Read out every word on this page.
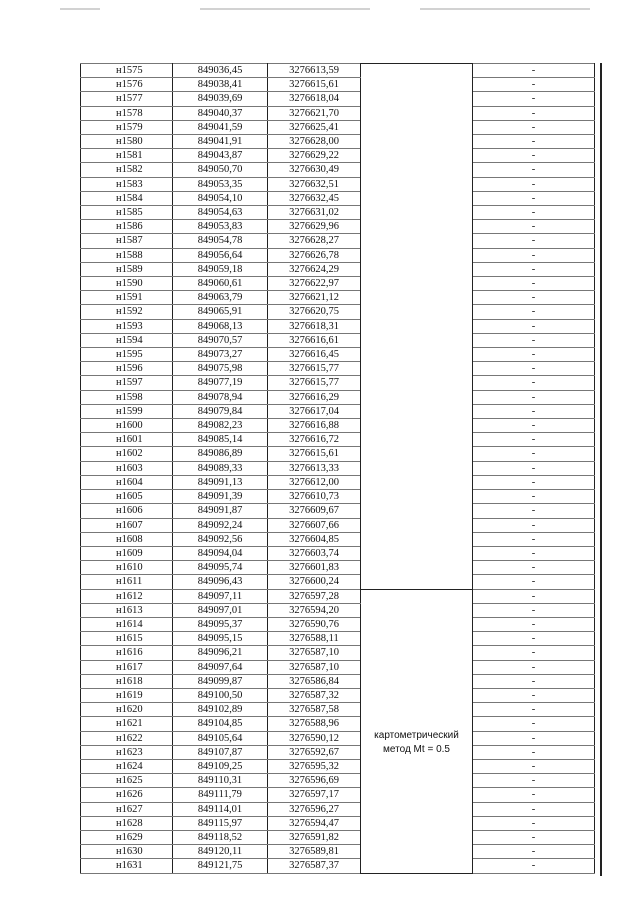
н1575	849036,45	3276613,59		-
н1576	849038,41	3276615,61		-
н1577	849039,69	3276618,04		-
н1578	849040,37	3276621,70		-
н1579	849041,59	3276625,41		-
н1580	849041,91	3276628,00		-
н1581	849043,87	3276629,22		-
н1582	849050,70	3276630,49		-
н1583	849053,35	3276632,51		-
н1584	849054,10	3276632,45		-
н1585	849054,63	3276631,02		-
н1586	849053,83	3276629,96		-
н1587	849054,78	3276628,27		-
н1588	849056,64	3276626,78		-
н1589	849059,18	3276624,29		-
н1590	849060,61	3276622,97		-
н1591	849063,79	3276621,12		-
н1592	849065,91	3276620,75		-
н1593	849068,13	3276618,31		-
н1594	849070,57	3276616,61		-
н1595	849073,27	3276616,45		-
н1596	849075,98	3276615,77		-
н1597	849077,19	3276615,77		-
н1598	849078,94	3276616,29		-
н1599	849079,84	3276617,04		-
н1600	849082,23	3276616,88		-
н1601	849085,14	3276616,72		-
н1602	849086,89	3276615,61		-
н1603	849089,33	3276613,33		-
н1604	849091,13	3276612,00		-
н1605	849091,39	3276610,73		-
н1606	849091,87	3276609,67		-
н1607	849092,24	3276607,66		-
н1608	849092,56	3276604,85		-
н1609	849094,04	3276603,74		-
н1610	849095,74	3276601,83		-
н1611	849096,43	3276600,24		-
н1612	849097,11	3276597,28	картометрический метод Mt = 0.5	-
н1613	849097,01	3276594,20		-
н1614	849095,37	3276590,76		-
н1615	849095,15	3276588,11		-
н1616	849096,21	3276587,10		-
н1617	849097,64	3276587,10		-
н1618	849099,87	3276586,84		-
н1619	849100,50	3276587,32		-
н1620	849102,89	3276587,58		-
н1621	849104,85	3276588,96		-
н1622	849105,64	3276590,12		-
н1623	849107,87	3276592,67		-
н1624	849109,25	3276595,32		-
н1625	849110,31	3276596,69		-
н1626	849111,79	3276597,17		-
н1627	849114,01	3276596,27		-
н1628	849115,97	3276594,47		-
н1629	849118,52	3276591,82		-
н1630	849120,11	3276589,81		-
н1631	849121,75	3276587,37		-
